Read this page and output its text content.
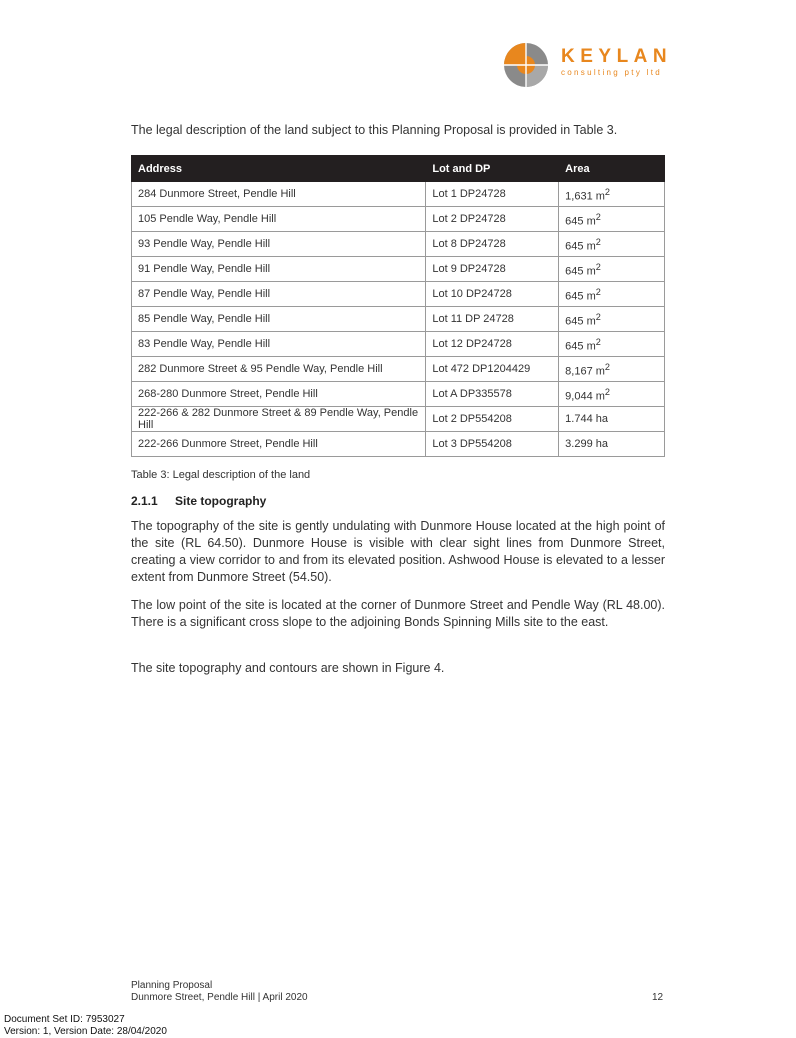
KEYLAN
consulting pty ltd
The legal description of the land subject to this Planning Proposal is provided in Table 3.
Address	Lot and DP	Area
284 Dunmore Street, Pendle Hill	Lot 1 DP24728	1,631 $m^2$
105 Pendle Way, Pendle Hill	Lot 2 DP24728	645 $m^2$
93 Pendle Way, Pendle Hill	Lot 8 DP24728	645 $m^2$
91 Pendle Way, Pendle Hill	Lot 9 DP24728	645 $m^2$
87 Pendle Way, Pendle Hill	Lot 10 DP24728	645 $m^2$
85 Pendle Way, Pendle Hill	Lot 11 DP 24728	645 $m^2$
83 Pendle Way, Pendle Hill	Lot 12 DP24728	645 $m^2$
282 Dunmore Street & 95 Pendle Way, Pendle Hill	Lot 472 DP1204429	8,167 $m^2$
268-280 Dunmore Street, Pendle Hill	Lot A DP335578	9,044 $m^2$
222-266 & 282 Dunmore Street & 89 Pendle Way, Pendle Hill	Lot 2 DP554208	1.744 ha
222-266 Dunmore Street, Pendle Hill	Lot 3 DP554208	3.299 ha
Table 3: Legal description of the land
2.1.1 Site topography

The topography of the site is gently undulating with Dunmore House located at the high point of the site (RL 64.50). Dunmore House is visible with clear sight lines from Dunmore Street, creating a view corridor to and from its elevated position. Ashwood House is elevated to a lesser extent from Dunmore Street (54.50).

The low point of the site is located at the corner of Dunmore Street and Pendle Way (RL 48.00). There is a significant cross slope to the adjoining Bonds Spinning Mills site to the east.

The site topography and contours are shown in Figure 4.

Planning Proposal
Dunmore Street, Pendle Hill | April 2020	12
Document Set ID: 7953027
Version: 1, Version Date: 28/04/2020
